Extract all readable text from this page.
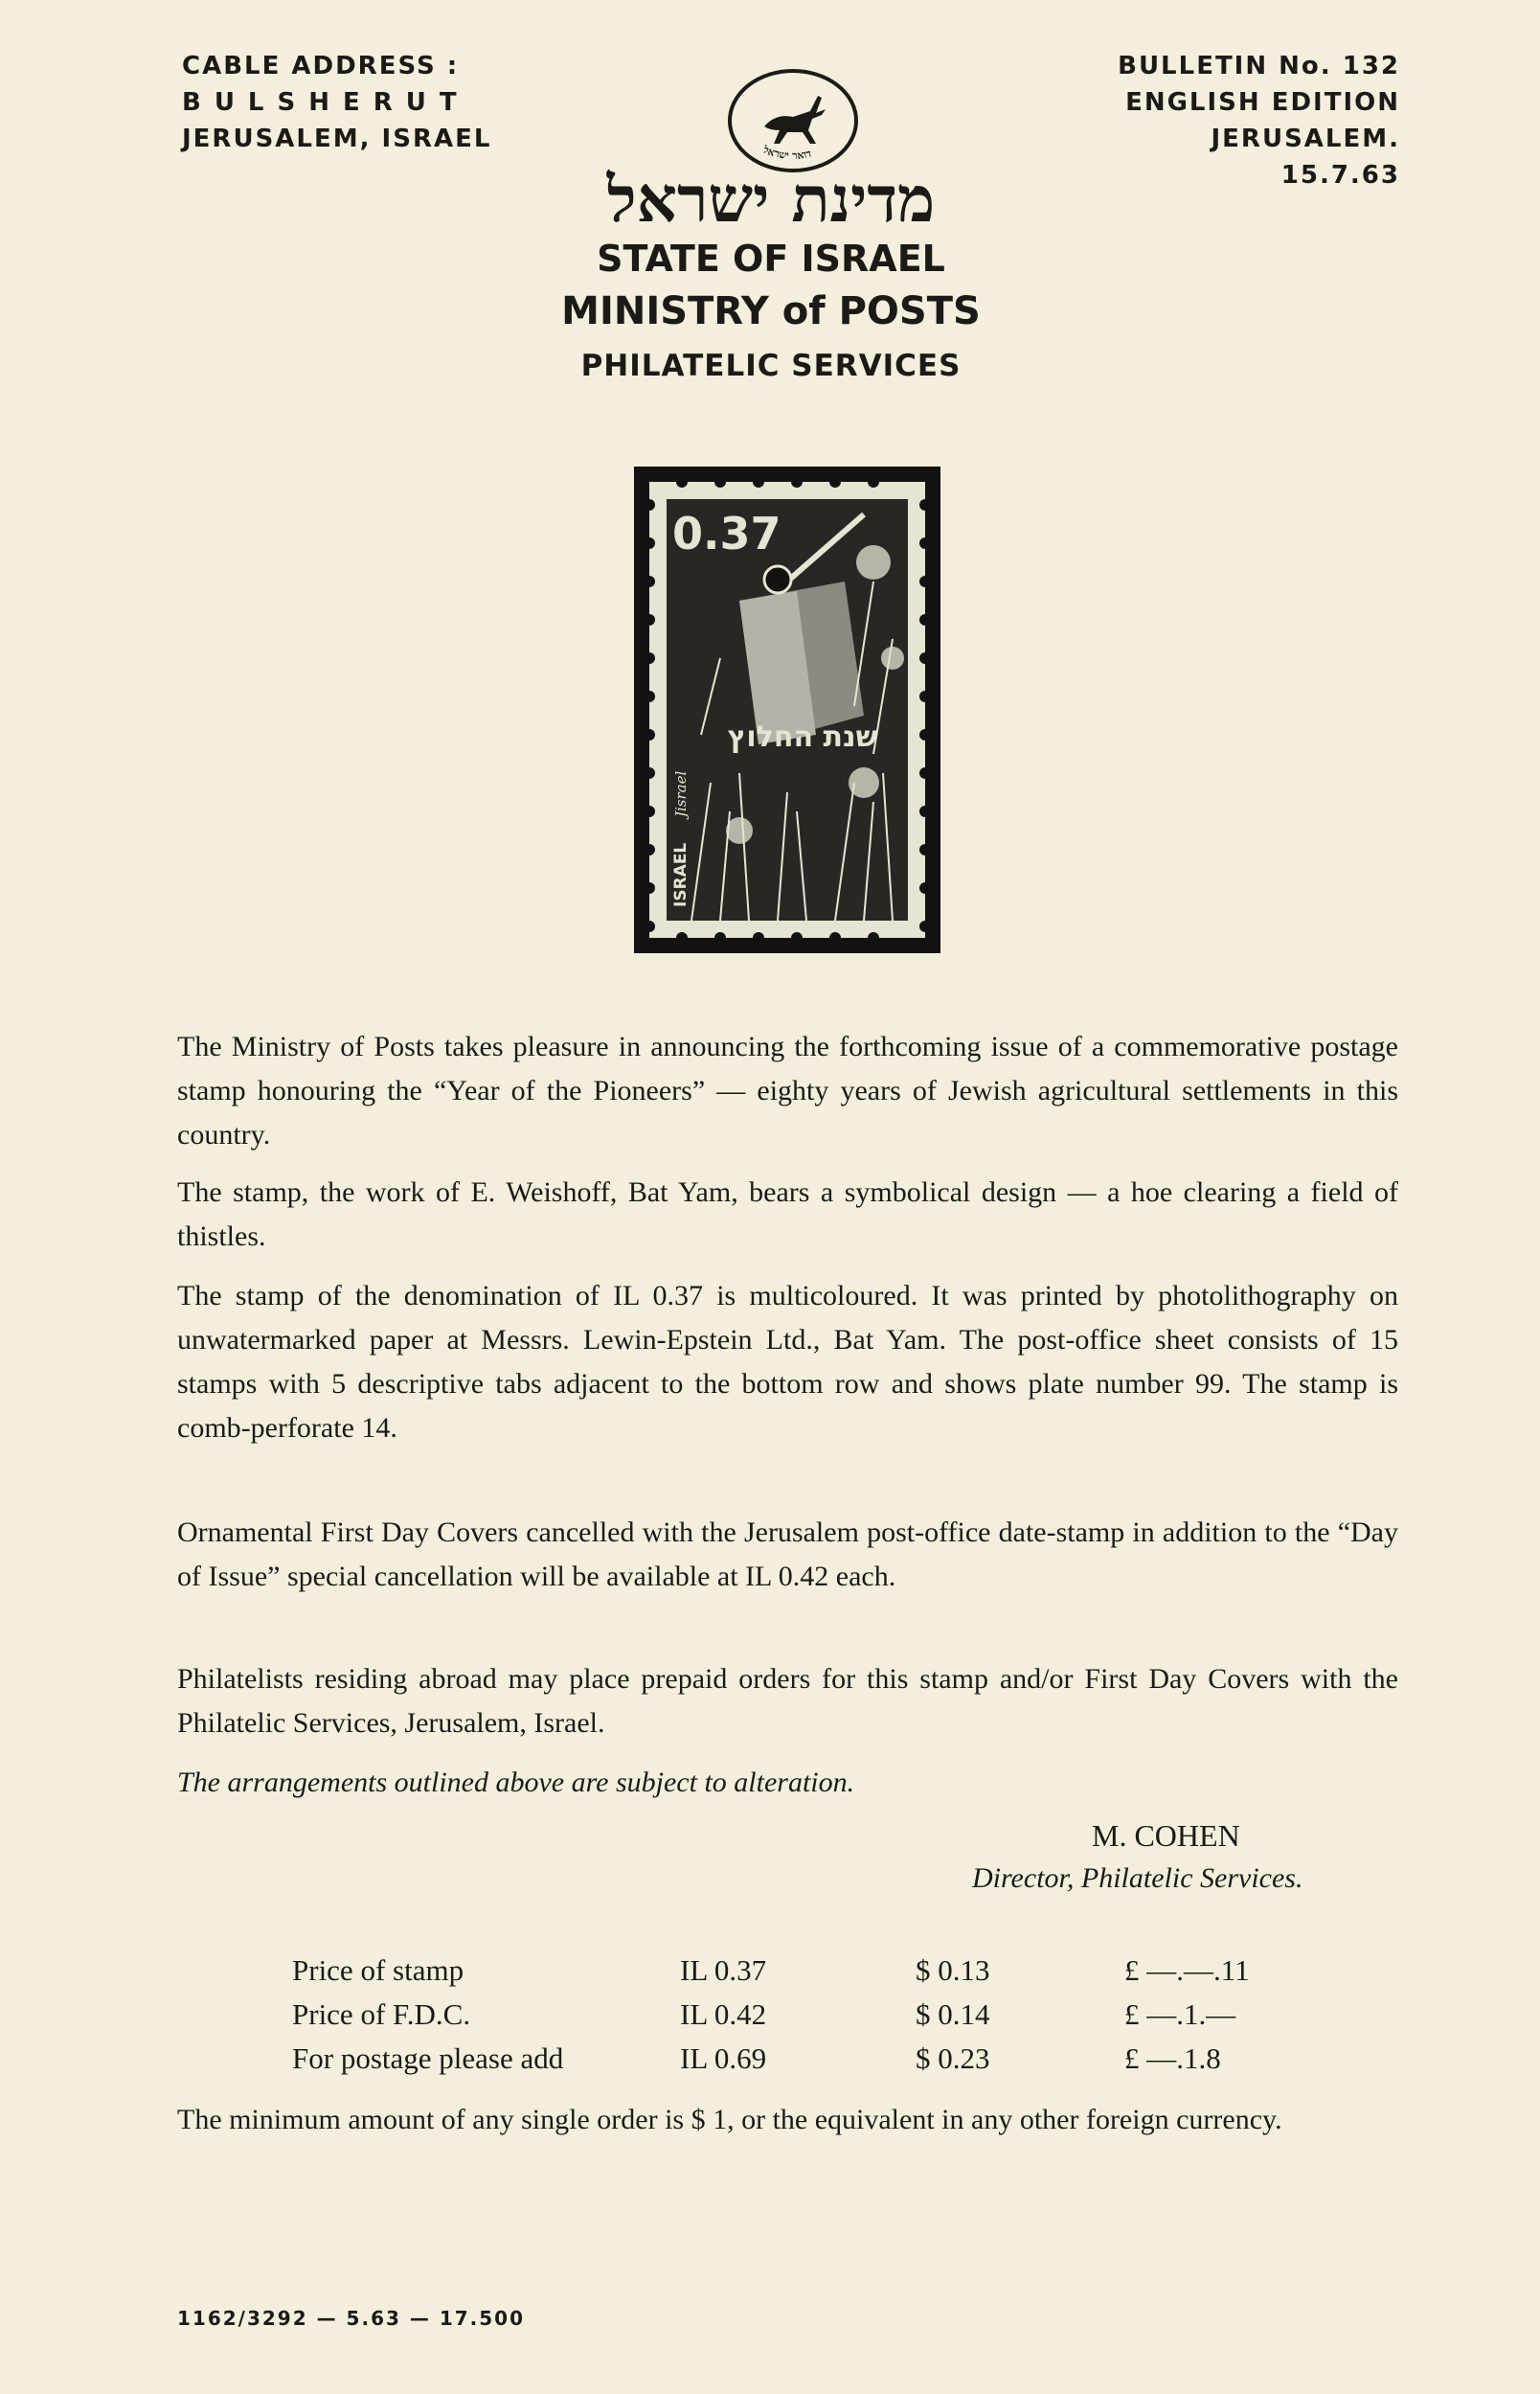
CABLE ADDRESS :
BULSHERUT
JERUSALEM, ISRAEL
BULLETIN No. 132
ENGLISH EDITION
JERUSALEM. 15.7.63
דואר ישראל
מדינת ישראל
STATE OF ISRAEL
MINISTRY of POSTS
PHILATELIC SERVICES
0.37
שנת החלוץ
ISRAEL
Jisrael
The Ministry of Posts takes pleasure in announcing the forthcoming issue of a commemorative postage stamp honouring the “Year of the Pioneers” — eighty years of Jewish agricultural settlements in this country.
The stamp, the work of E. Weishoff, Bat Yam, bears a symbolical design — a hoe clearing a field of thistles.
The stamp of the denomination of IL 0.37 is multicoloured. It was printed by photolithography on unwatermarked paper at Messrs. Lewin-Epstein Ltd., Bat Yam. The post-office sheet consists of 15 stamps with 5 descriptive tabs adjacent to the bottom row and shows plate number 99. The stamp is comb-perforate 14.
Ornamental First Day Covers cancelled with the Jerusalem post-office date-stamp in addition to the “Day of Issue” special cancellation will be available at IL 0.42 each.
Philatelists residing abroad may place prepaid orders for this stamp and/or First Day Covers with the Philatelic Services, Jerusalem, Israel.
The arrangements outlined above are subject to alteration.
M. COHEN
Director, Philatelic Services.
Price of stamp	IL 0.37	$ 0.13	£ —.—.11
Price of F.D.C.	IL 0.42	$ 0.14	£ —.1.—
For postage please add	IL 0.69	$ 0.23	£ —.1.8
The minimum amount of any single order is $ 1, or the equivalent in any other foreign currency.
1162/3292 — 5.63 — 17.500
